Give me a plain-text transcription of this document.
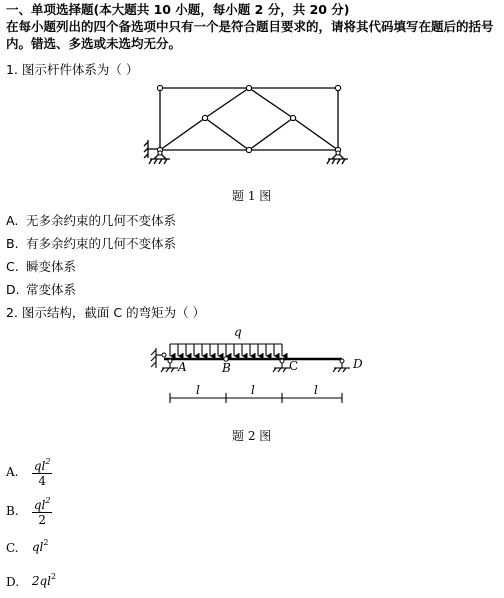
一、单项选择题(本大题共 10 小题，每小题 2 分，共 20 分)
在每小题列出的四个备选项中只有一个是符合题目要求的，请将其代码填写在题后的括号
内。错选、多选或未选均无分。
1. 图示杆件体系为（ ）
题 1 图
A. 无多余约束的几何不变体系
B. 有多余约束的几何不变体系
C. 瞬变体系
D. 常变体系
2. 图示结构，截面 C 的弯矩为（ ）
q
A	B	C	D
l	l	l
题 2 图
A. $\frac{ql^2}{4}$
B. $\frac{ql^2}{2}$
C. $ql^2$
D. $2ql^2$
